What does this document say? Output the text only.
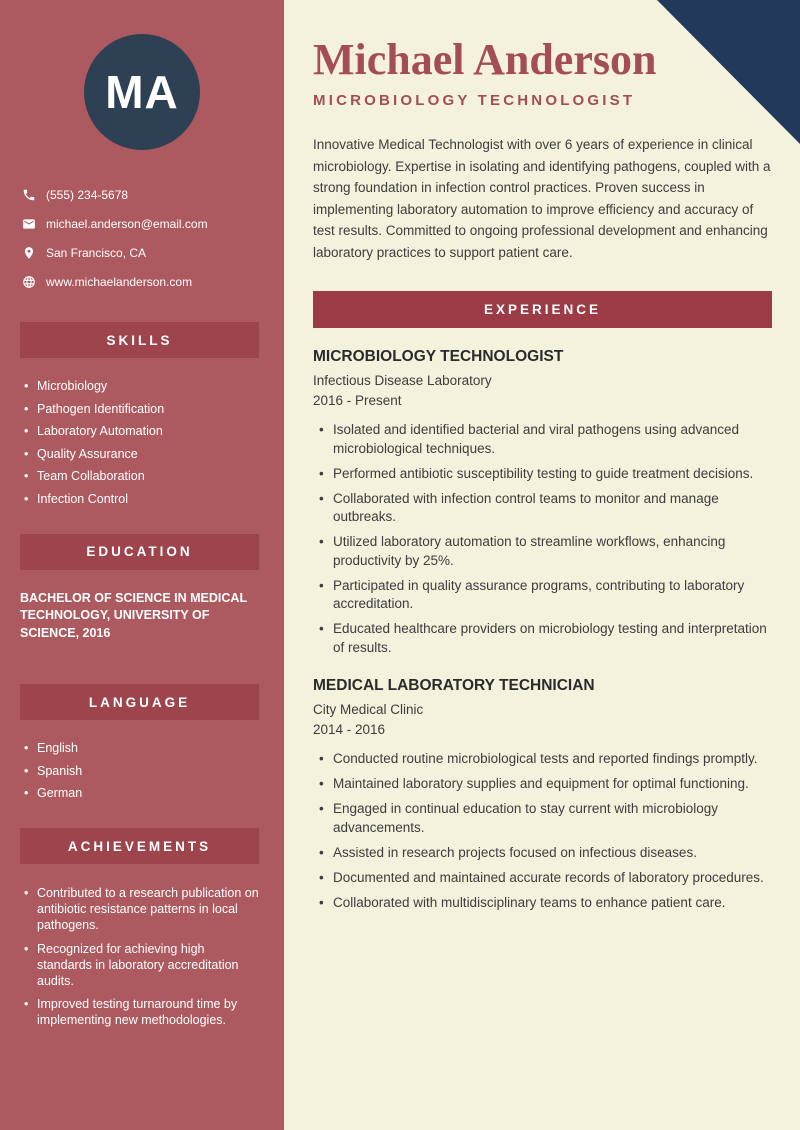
MA
(555) 234-5678
michael.anderson@email.com
San Francisco, CA
www.michaelanderson.com
SKILLS
• Microbiology
• Pathogen Identification
• Laboratory Automation
• Quality Assurance
• Team Collaboration
• Infection Control
EDUCATION
BACHELOR OF SCIENCE IN MEDICAL TECHNOLOGY, UNIVERSITY OF SCIENCE, 2016
LANGUAGE
• English
• Spanish
• German
ACHIEVEMENTS
• Contributed to a research publication on antibiotic resistance patterns in local pathogens.
• Recognized for achieving high standards in laboratory accreditation audits.
• Improved testing turnaround time by implementing new methodologies.
Michael Anderson
MICROBIOLOGY TECHNOLOGIST

Innovative Medical Technologist with over 6 years of experience in clinical microbiology. Expertise in isolating and identifying pathogens, coupled with a strong foundation in infection control practices. Proven success in implementing laboratory automation to improve efficiency and accuracy of test results. Committed to ongoing professional development and enhancing laboratory practices to support patient care.

EXPERIENCE
MICROBIOLOGY TECHNOLOGIST
Infectious Disease Laboratory
2016 - Present
• Isolated and identified bacterial and viral pathogens using advanced microbiological techniques.
• Performed antibiotic susceptibility testing to guide treatment decisions.
• Collaborated with infection control teams to monitor and manage outbreaks.
• Utilized laboratory automation to streamline workflows, enhancing productivity by 25%.
• Participated in quality assurance programs, contributing to laboratory accreditation.
• Educated healthcare providers on microbiology testing and interpretation of results.
MEDICAL LABORATORY TECHNICIAN
City Medical Clinic
2014 - 2016
• Conducted routine microbiological tests and reported findings promptly.
• Maintained laboratory supplies and equipment for optimal functioning.
• Engaged in continual education to stay current with microbiology advancements.
• Assisted in research projects focused on infectious diseases.
• Documented and maintained accurate records of laboratory procedures.
• Collaborated with multidisciplinary teams to enhance patient care.
